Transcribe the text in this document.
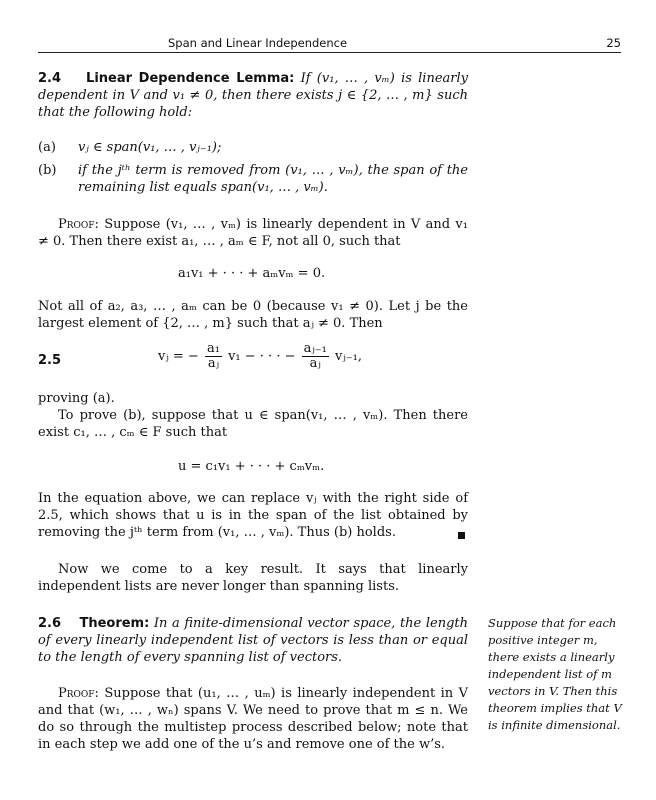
Span and Linear Independence	25
2.4 Linear Dependence Lemma: If (v₁, … , vₘ) is linearly dependent in V and v₁ ≠ 0, then there exists j ∈ {2, … , m} such that the following hold:
(a) vⱼ ∈ span(v₁, … , vⱼ₋₁);
(b) if the jᵗʰ term is removed from (v₁, … , vₘ), the span of the remaining list equals span(v₁, … , vₘ).
Proof: Suppose (v₁, … , vₘ) is linearly dependent in V and v₁ ≠ 0. Then there exist a₁, … , aₘ ∈ F, not all 0, such that
a₁v₁ + · · · + aₘvₘ = 0.
Not all of a₂, a₃, … , aₘ can be 0 (because v₁ ≠ 0). Let j be the largest element of {2, … , m} such that aⱼ ≠ 0. Then
2.5	vⱼ = − $\frac{\text{a₁}}{\text{aⱼ}} v_1$ − · · · − $\frac{\text{aⱼ₋₁}}{\text{aⱼ}}$ vⱼ₋₁,
proving (a).
To prove (b), suppose that u ∈ span(v₁, … , vₘ). Then there exist c₁, … , cₘ ∈ F such that
u = c₁v₁ + · · · + cₘvₘ.
In the equation above, we can replace vⱼ with the right side of 2.5, which shows that u is in the span of the list obtained by removing the jᵗʰ term from (v₁, … , vₘ). Thus (b) holds.
Now we come to a key result. It says that linearly independent lists are never longer than spanning lists.
2.6 Theorem: In a finite-dimensional vector space, the length of every linearly independent list of vectors is less than or equal to the length of every spanning list of vectors.
Suppose that for each positive integer m, there exists a linearly independent list of m vectors in V. Then this theorem implies that V is infinite dimensional.
Proof: Suppose that (u₁, … , uₘ) is linearly independent in V and that (w₁, … , wₙ) spans V. We need to prove that m ≤ n. We do so through the multistep process described below; note that in each step we add one of the u’s and remove one of the w’s.
